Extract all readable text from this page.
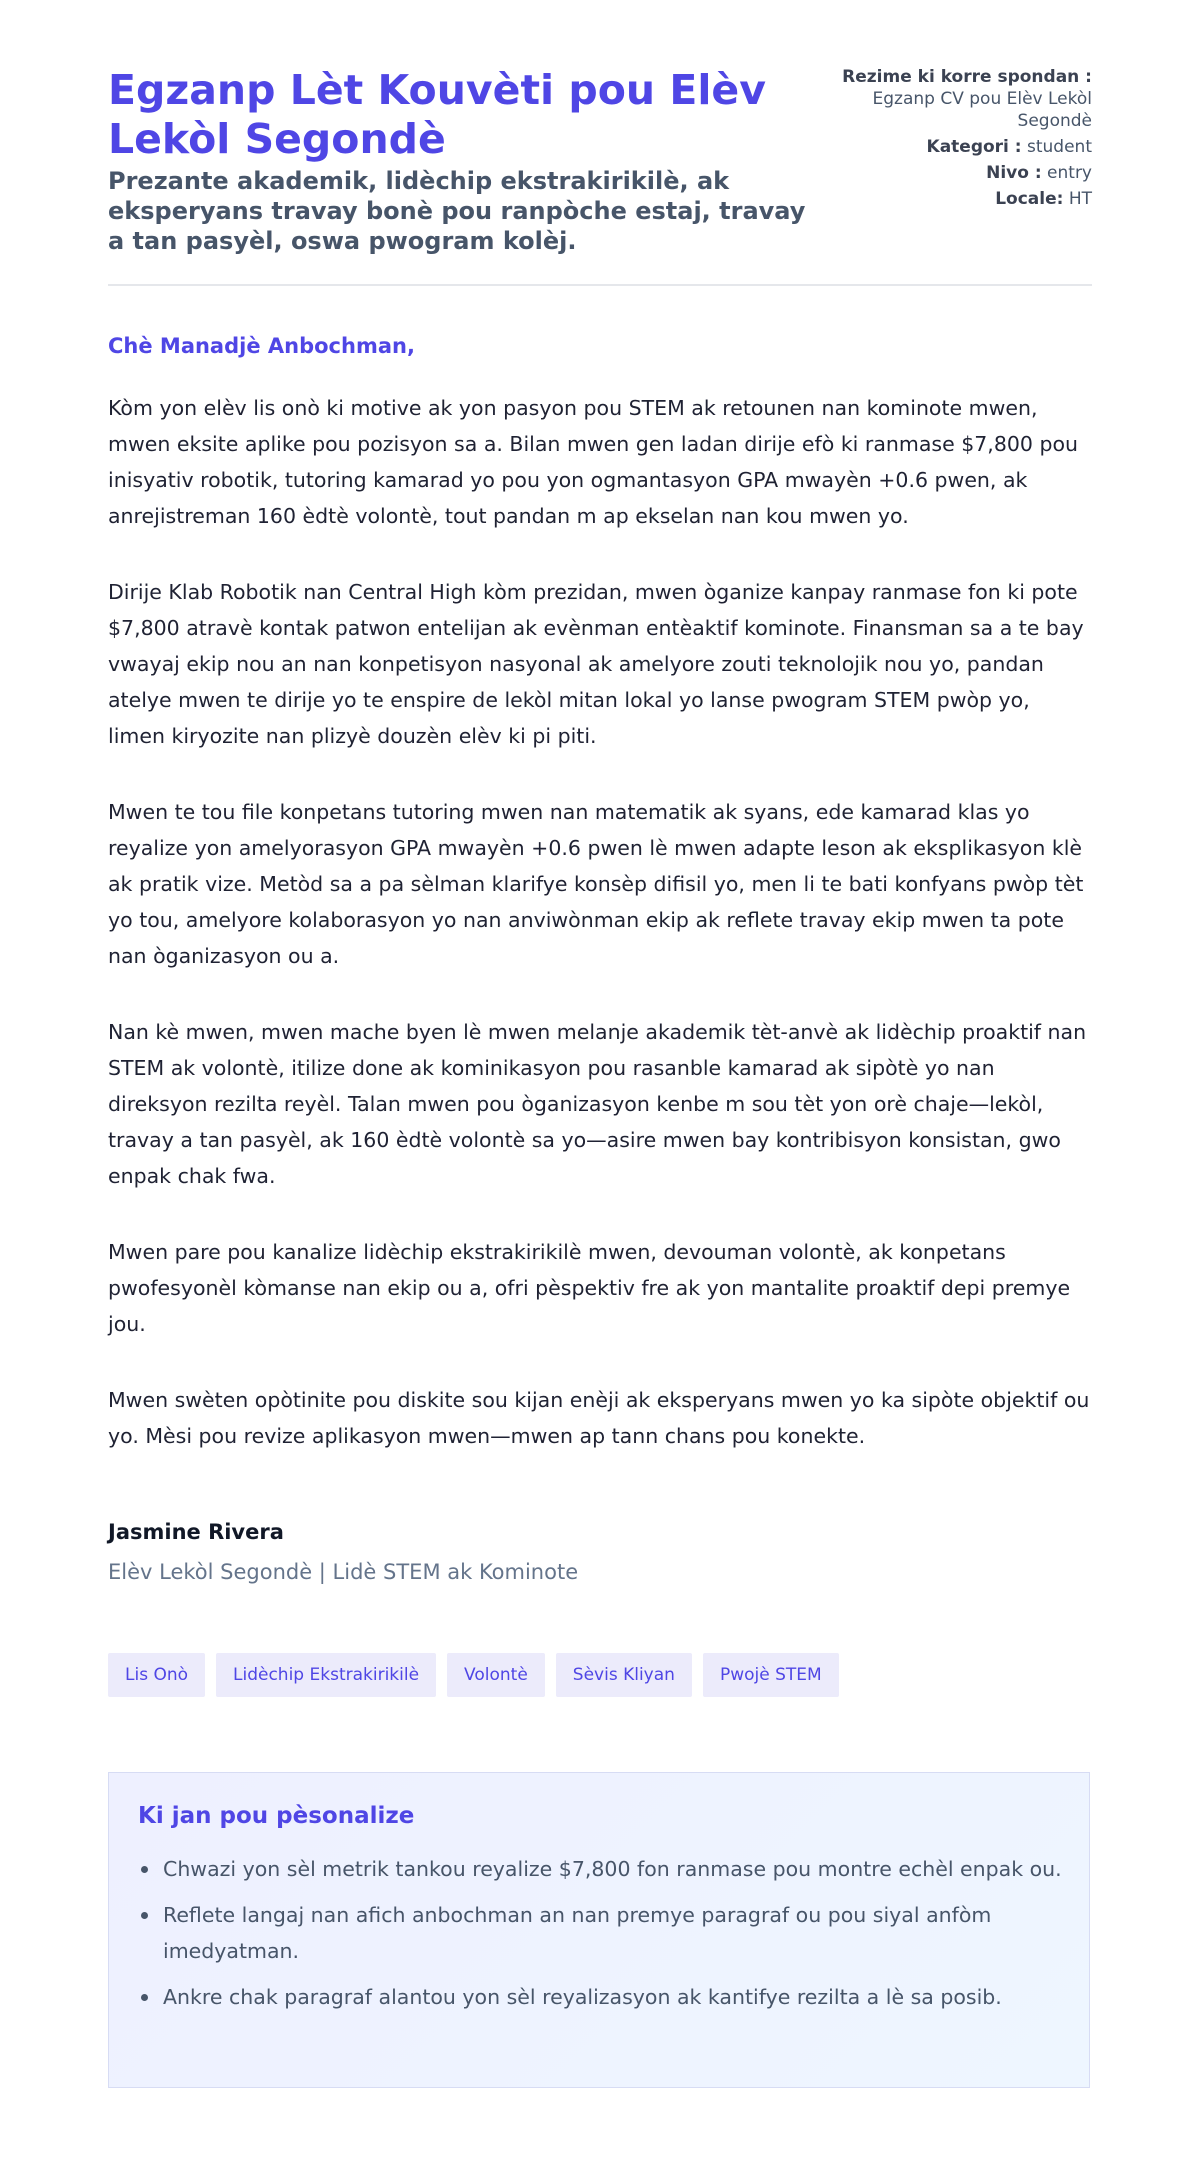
Egzanp Lèt Kouvèti pou Elèv Lekòl Segondè

Prezante akademik, lidèchip ekstrakirikilè, ak eksperyans travay bonè pou ranpòche estaj, travay a tan pasyèl, oswa pwogram kolèj.

Rezime ki korre spondan : Egzanp CV pou Elèv Lekòl Segondè
Kategori : student
Nivo : entry
Locale: HT
Chè Manadjè Anbochman,

Kòm yon elèv lis onò ki motive ak yon pasyon pou STEM ak retounen nan kominote mwen, mwen eksite aplike pou pozisyon sa a. Bilan mwen gen ladan dirije efò ki ranmase $7,800 pou inisyativ robotik, tutoring kamarad yo pou yon ogmantasyon GPA mwayèn +0.6 pwen, ak anrejistreman 160 èdtè volontè, tout pandan m ap ekselan nan kou mwen yo.

Dirije Klab Robotik nan Central High kòm prezidan, mwen òganize kanpay ranmase fon ki pote $7,800 atravè kontak patwon entelijan ak evènman entèaktif kominote. Finansman sa a te bay vwayaj ekip nou an nan konpetisyon nasyonal ak amelyore zouti teknolojik nou yo, pandan atelye mwen te dirije yo te enspire de lekòl mitan lokal yo lanse pwogram STEM pwòp yo, limen kiryozite nan plizyè douzèn elèv ki pi piti.

Mwen te tou file konpetans tutoring mwen nan matematik ak syans, ede kamarad klas yo reyalize yon amelyorasyon GPA mwayèn +0.6 pwen lè mwen adapte leson ak eksplikasyon klè ak pratik vize. Metòd sa a pa sèlman klarifye konsèp difisil yo, men li te bati konfyans pwòp tèt yo tou, amelyore kolaborasyon yo nan anviwònman ekip ak reflete travay ekip mwen ta pote nan òganizasyon ou a.

Nan kè mwen, mwen mache byen lè mwen melanje akademik tèt-anvè ak lidèchip proaktif nan STEM ak volontè, itilize done ak kominikasyon pou rasanble kamarad ak sipòtè yo nan direksyon rezilta reyèl. Talan mwen pou òganizasyon kenbe m sou tèt yon orè chaje—lekòl, travay a tan pasyèl, ak 160 èdtè volontè sa yo—asire mwen bay kontribisyon konsistan, gwo enpak chak fwa.

Mwen pare pou kanalize lidèchip ekstrakirikilè mwen, devouman volontè, ak konpetans pwofesyonèl kòmanse nan ekip ou a, ofri pèspektiv fre ak yon mantalite proaktif depi premye jou.

Mwen swèten opòtinite pou diskite sou kijan enèji ak eksperyans mwen yo ka sipòte objektif ou yo. Mèsi pou revize aplikasyon mwen—mwen ap tann chans pou konekte.

Jasmine Rivera
Elèv Lekòl Segondè | Lidè STEM ak Kominote
Lis Onò	Lidèchip Ekstrakirikilè	Volontè	Sèvis Kliyan	Pwojè STEM
Ki jan pou pèsonalize
Chwazi yon sèl metrik tankou reyalize $7,800 fon ranmase pou montre echèl enpak ou.
Reflete langaj nan afich anbochman an nan premye paragraf ou pou siyal anfòm imedyatman.
Ankre chak paragraf alantou yon sèl reyalizasyon ak kantifye rezilta a lè sa posib.
